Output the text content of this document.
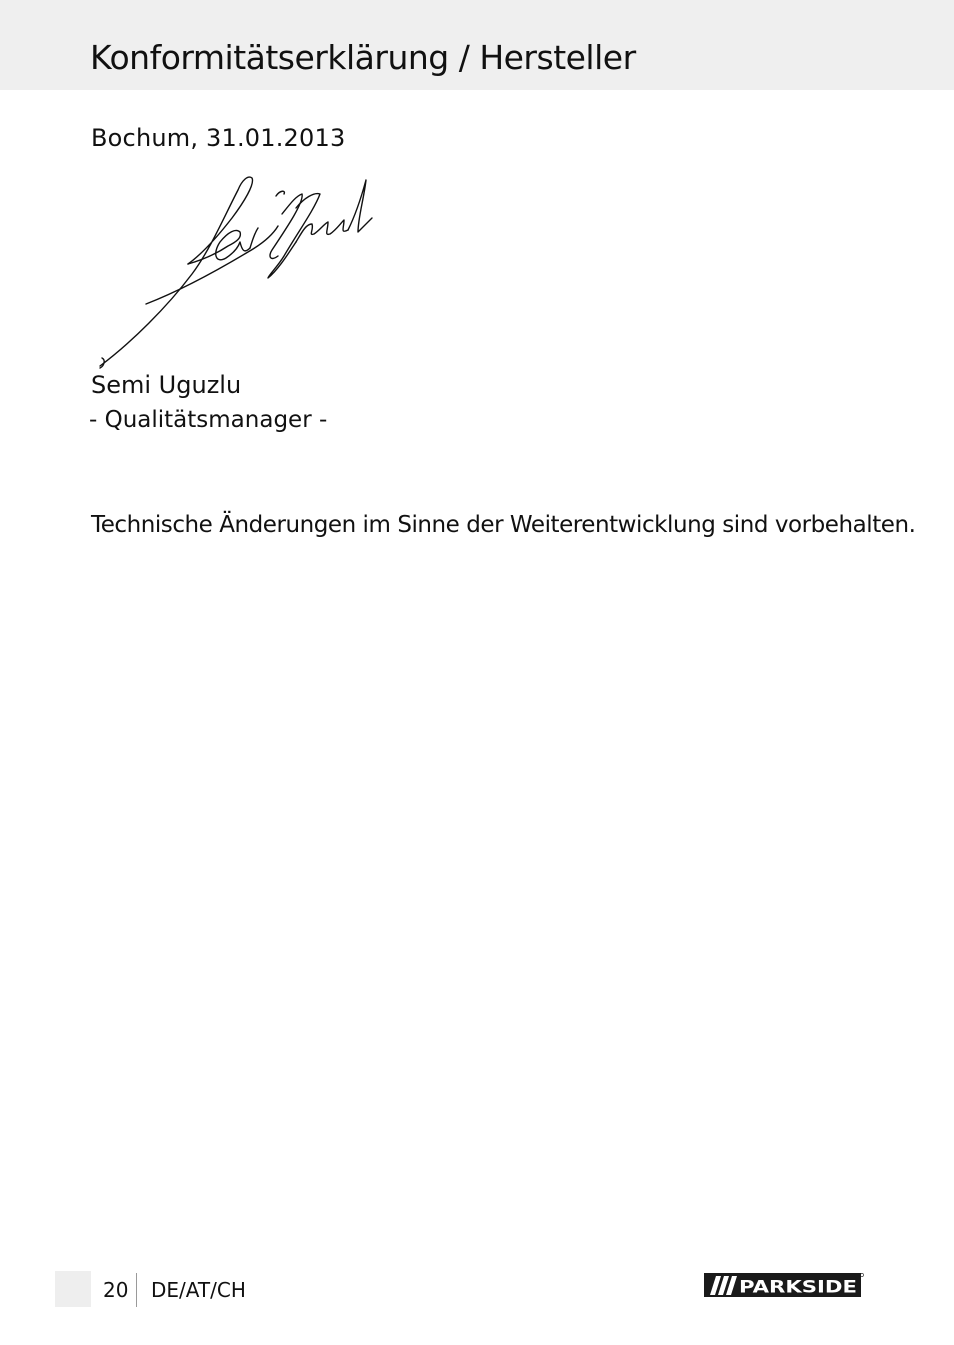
Konformitätserklärung / Hersteller
Bochum, 31.01.2013
Semi Uguzlu
- Qualitätsmanager -
Technische Änderungen im Sinne der Weiterentwicklung sind vorbehalten.
20 DE/AT/CH	PARKSIDE
